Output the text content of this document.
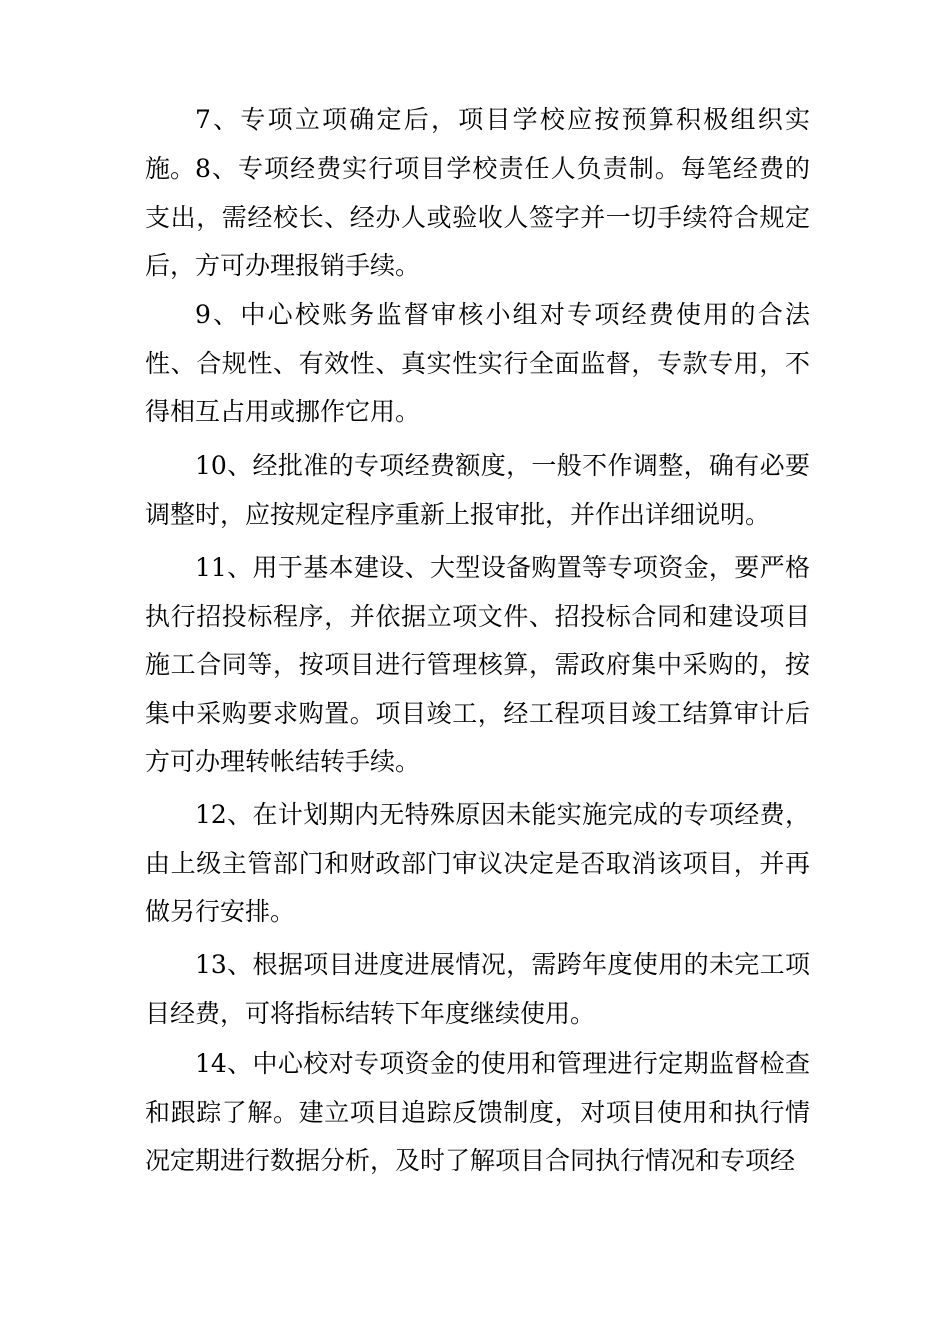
7、专项立项确定后，项目学校应按预算积极组织实施。 8、专项经费实行项目学校责任人负责制。每笔经费的支出，需经校长、经办人或验收人签字并一切手续符合规定后，方可办理报销手续。

9、中心校账务监督审核小组对专项经费使用的合法性、合规性、有效性、真实性实行全面监督，专款专用，不得相互占用或挪作它用。

10、经批准的专项经费额度，一般不作调整，确有必要调整时，应按规定程序重新上报审批，并作出详细说明。

11、用于基本建设、大型设备购置等专项资金，要严格执行招投标程序，并依据立项文件、招投标合同和建设项目施工合同等，按项目进行管理核算，需政府集中采购的，按集中采购要求购置。项目竣工，经工程项目竣工结算审计后方可办理转帐结转手续。

12、在计划期内无特殊原因未能实施完成的专项经费，由上级主管部门和财政部门审议决定是否取消该项目，并再做另行安排。

13、根据项目进度进展情况，需跨年度使用的未完工项目经费，可将指标结转下年度继续使用。

14、中心校对专项资金的使用和管理进行定期监督检查和跟踪了解。建立项目追踪反馈制度，对项目使用和执行情况定期进行数据分析，及时了解项目合同执行情况和专项经
